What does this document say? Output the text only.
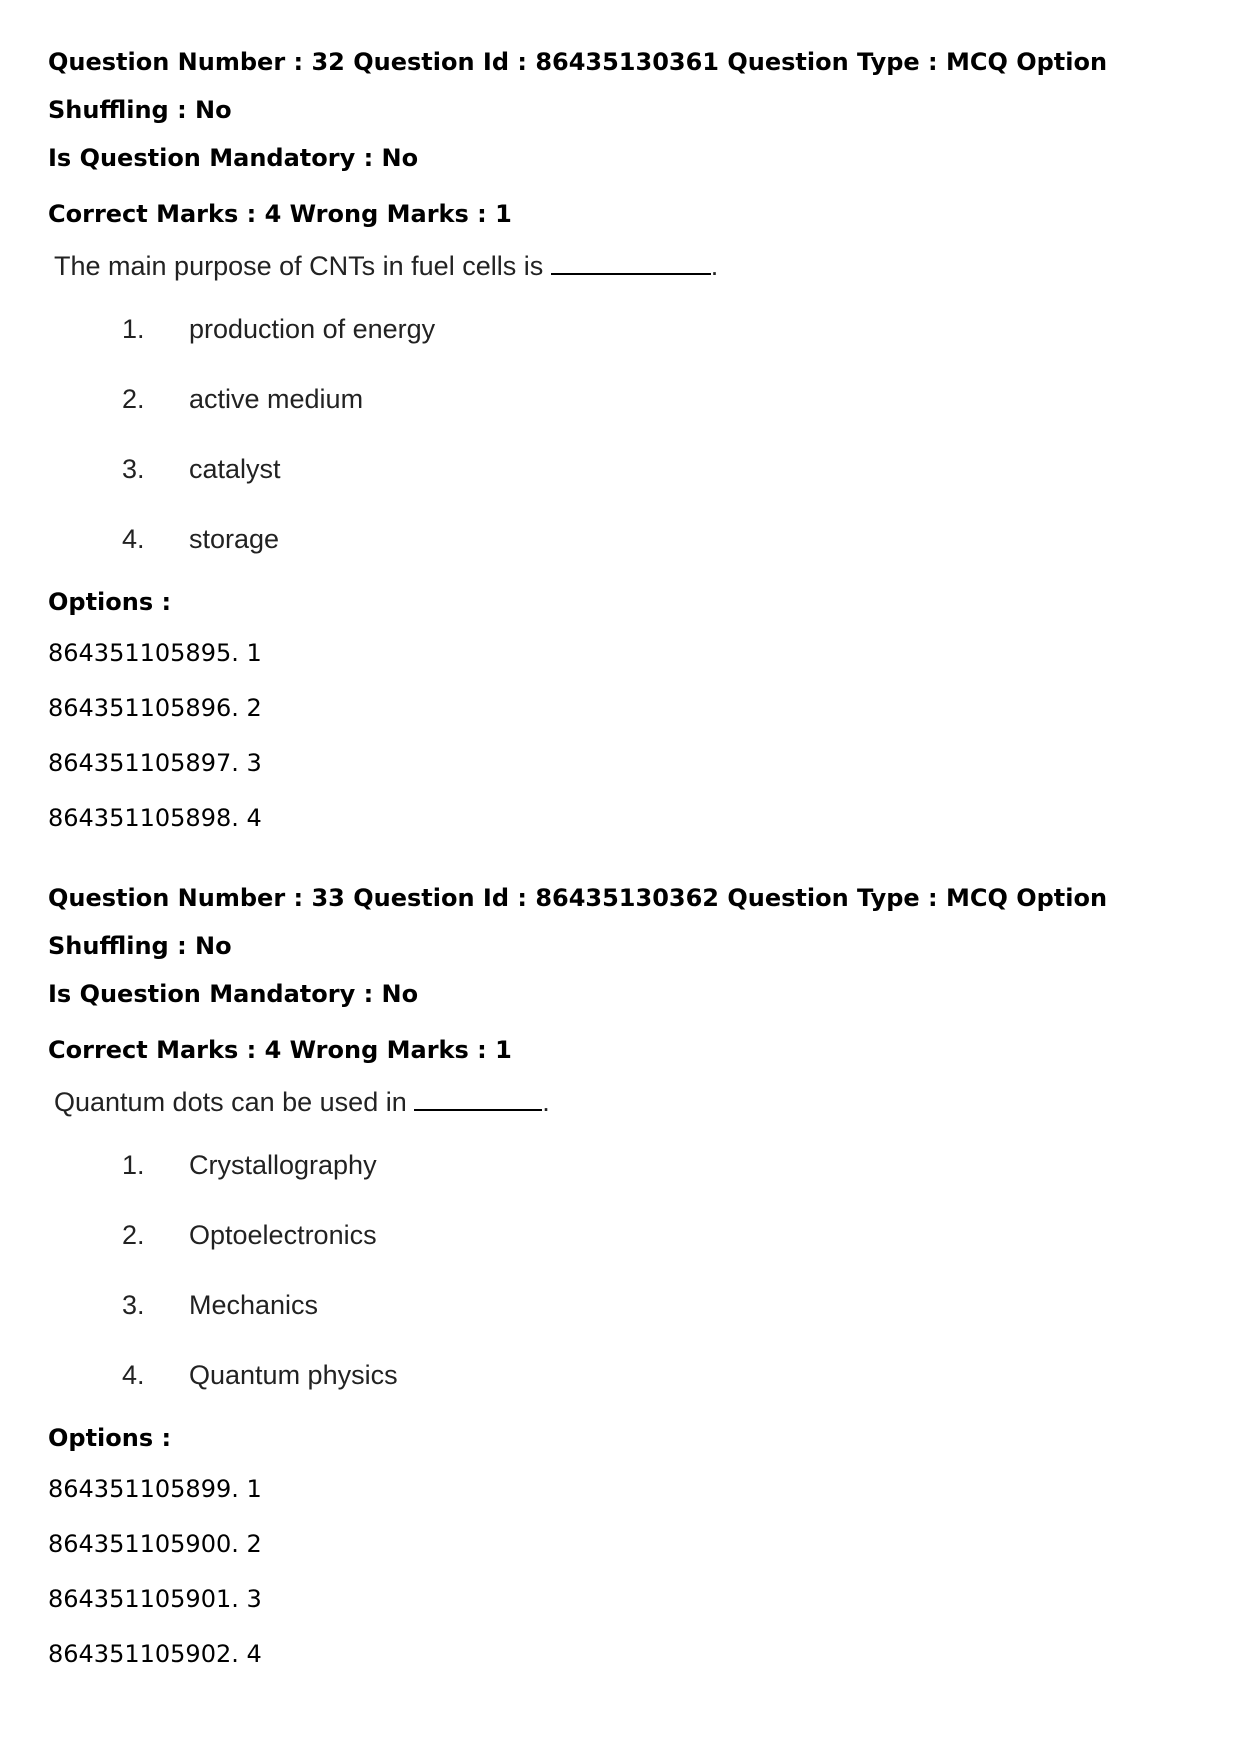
Question Number : 32 Question Id : 86435130361 Question Type : MCQ Option Shuffling : No

Is Question Mandatory : No

Correct Marks : 4 Wrong Marks : 1

The main purpose of CNTs in fuel cells is	.
1. production of energy
2. active medium
3. catalyst
4. storage
Options :
864351105895. 1
864351105896. 2
864351105897. 3
864351105898. 4

Question Number : 33 Question Id : 86435130362 Question Type : MCQ Option Shuffling : No

Is Question Mandatory : No

Correct Marks : 4 Wrong Marks : 1

Quantum dots can be used in	.
1. Crystallography
2. Optoelectronics
3. Mechanics
4. Quantum physics
Options :
864351105899. 1
864351105900. 2
864351105901. 3
864351105902. 4
